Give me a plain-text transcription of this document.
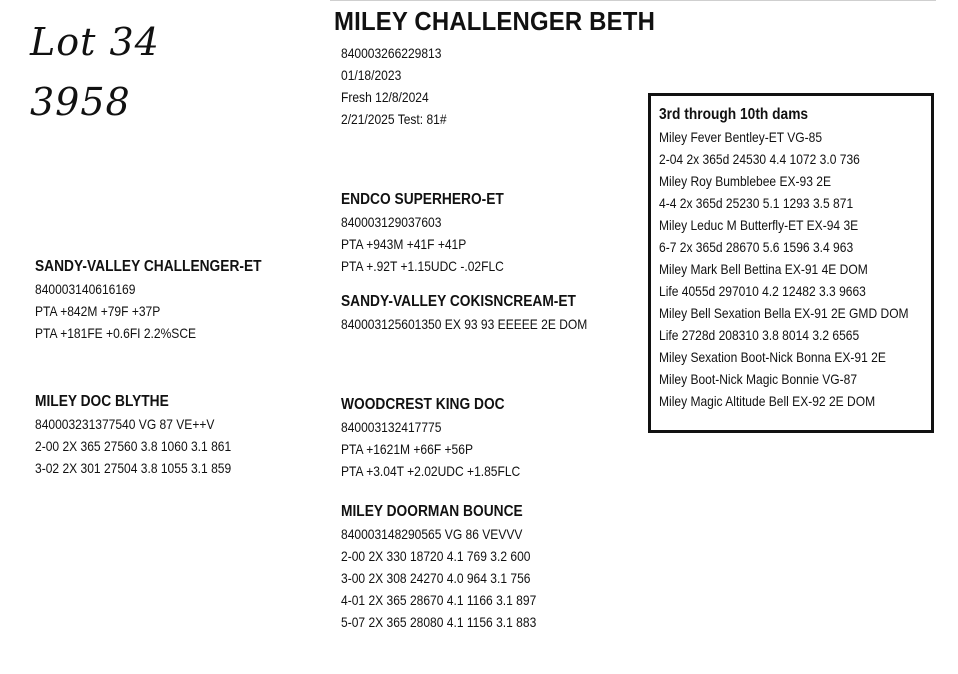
Lot 34
3958
MILEY CHALLENGER BETH
840003266229813
01/18/2023
Fresh 12/8/2024
2/21/2025 Test: 81#
ENDCO SUPERHERO-ET
840003129037603
PTA +943M +41F +41P
PTA +.92T +1.15UDC -.02FLC
SANDY-VALLEY CHALLENGER-ET
840003140616169
PTA +842M +79F +37P
PTA +181FE +0.6FI 2.2%SCE
SANDY-VALLEY COKISNCREAM-ET
840003125601350 EX 93 93 EEEEE 2E DOM
MILEY DOC BLYTHE
840003231377540 VG 87 VE++V
2-00 2X 365 27560 3.8 1060 3.1 861
3-02 2X 301 27504 3.8 1055 3.1 859
WOODCREST KING DOC
840003132417775
PTA +1621M +66F +56P
PTA +3.04T +2.02UDC +1.85FLC
MILEY DOORMAN BOUNCE
840003148290565 VG 86 VEVVV
2-00 2X 330 18720 4.1 769 3.2 600
3-00 2X 308 24270 4.0 964 3.1 756
4-01 2X 365 28670 4.1 1166 3.1 897
5-07 2X 365 28080 4.1 1156 3.1 883
3rd through 10th dams
Miley Fever Bentley-ET VG-85
2-04 2x 365d 24530 4.4 1072 3.0 736
Miley Roy Bumblebee EX-93 2E
4-4 2x 365d 25230 5.1 1293 3.5 871
Miley Leduc M Butterfly-ET EX-94 3E
6-7 2x 365d 28670 5.6 1596 3.4 963
Miley Mark Bell Bettina EX-91 4E DOM
Life 4055d 297010 4.2 12482 3.3 9663
Miley Bell Sexation Bella EX-91 2E GMD DOM
Life 2728d 208310 3.8 8014 3.2 6565
Miley Sexation Boot-Nick Bonna EX-91 2E
Miley Boot-Nick Magic Bonnie VG-87
Miley Magic Altitude Bell EX-92 2E DOM
